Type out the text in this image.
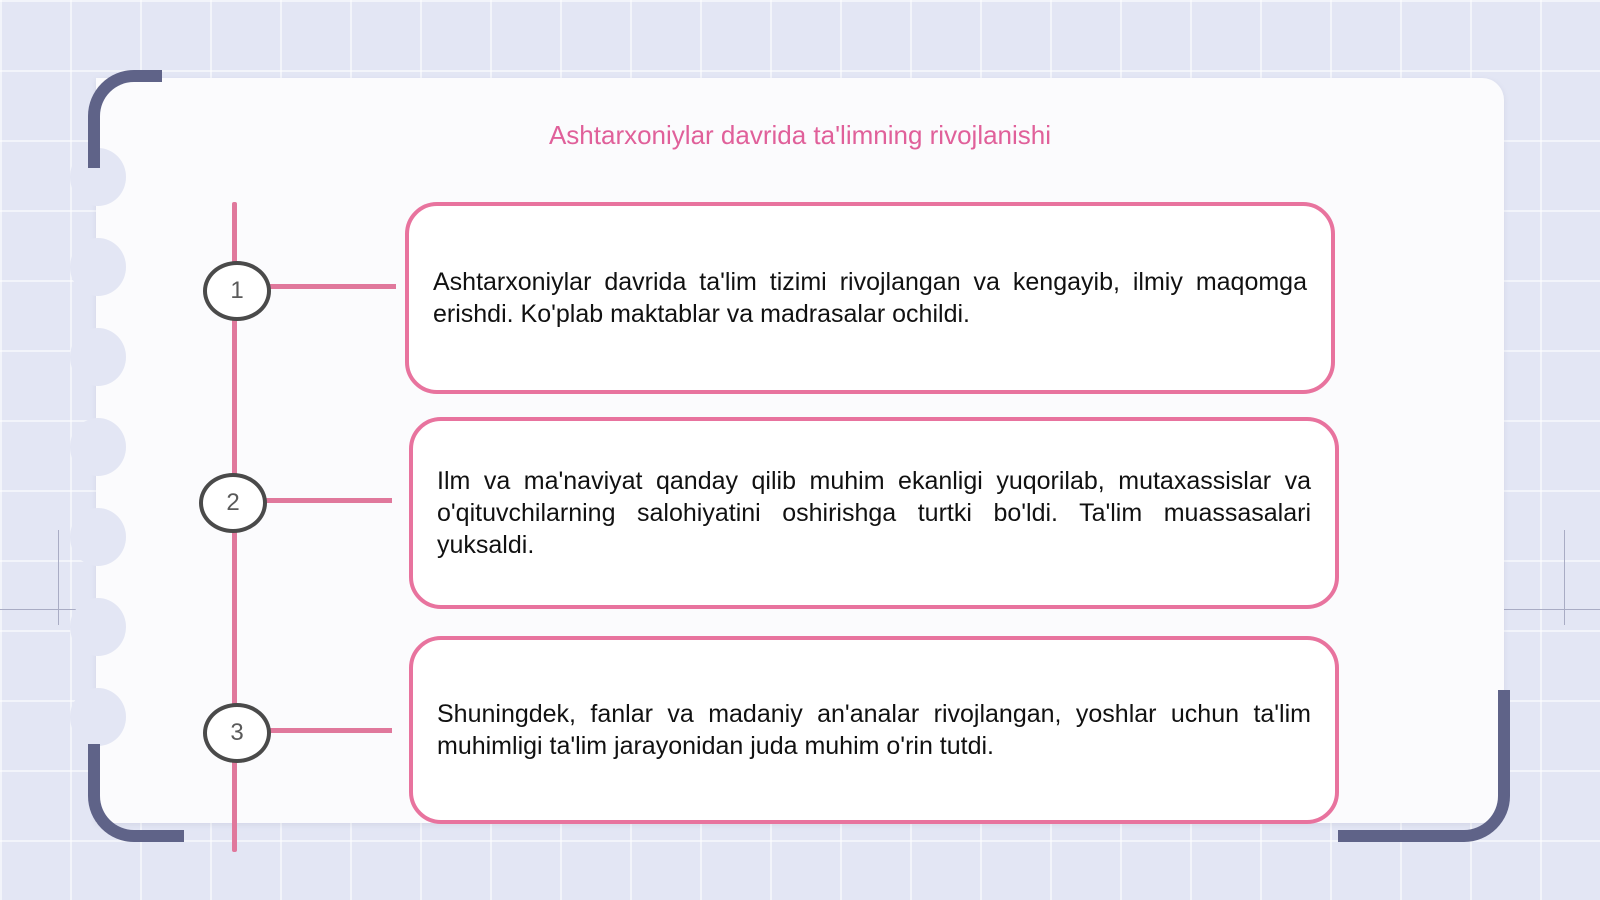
Ashtarxoniylar davrida ta'limning rivojlanishi
1
2
3
Ashtarxoniylar davrida ta'lim tizimi rivojlangan va kengayib, ilmiy maqomga erishdi. Ko'plab maktablar va madrasalar ochildi.
Ilm va ma'naviyat qanday qilib muhim ekanligi yuqorilab, mutaxassislar va o'qituvchilarning salohiyatini oshirishga turtki bo'ldi. Ta'lim muassasalari yuksaldi.
Shuningdek, fanlar va madaniy an'analar rivojlangan, yoshlar uchun ta'lim muhimligi ta'lim jarayonidan juda muhim o'rin tutdi.
